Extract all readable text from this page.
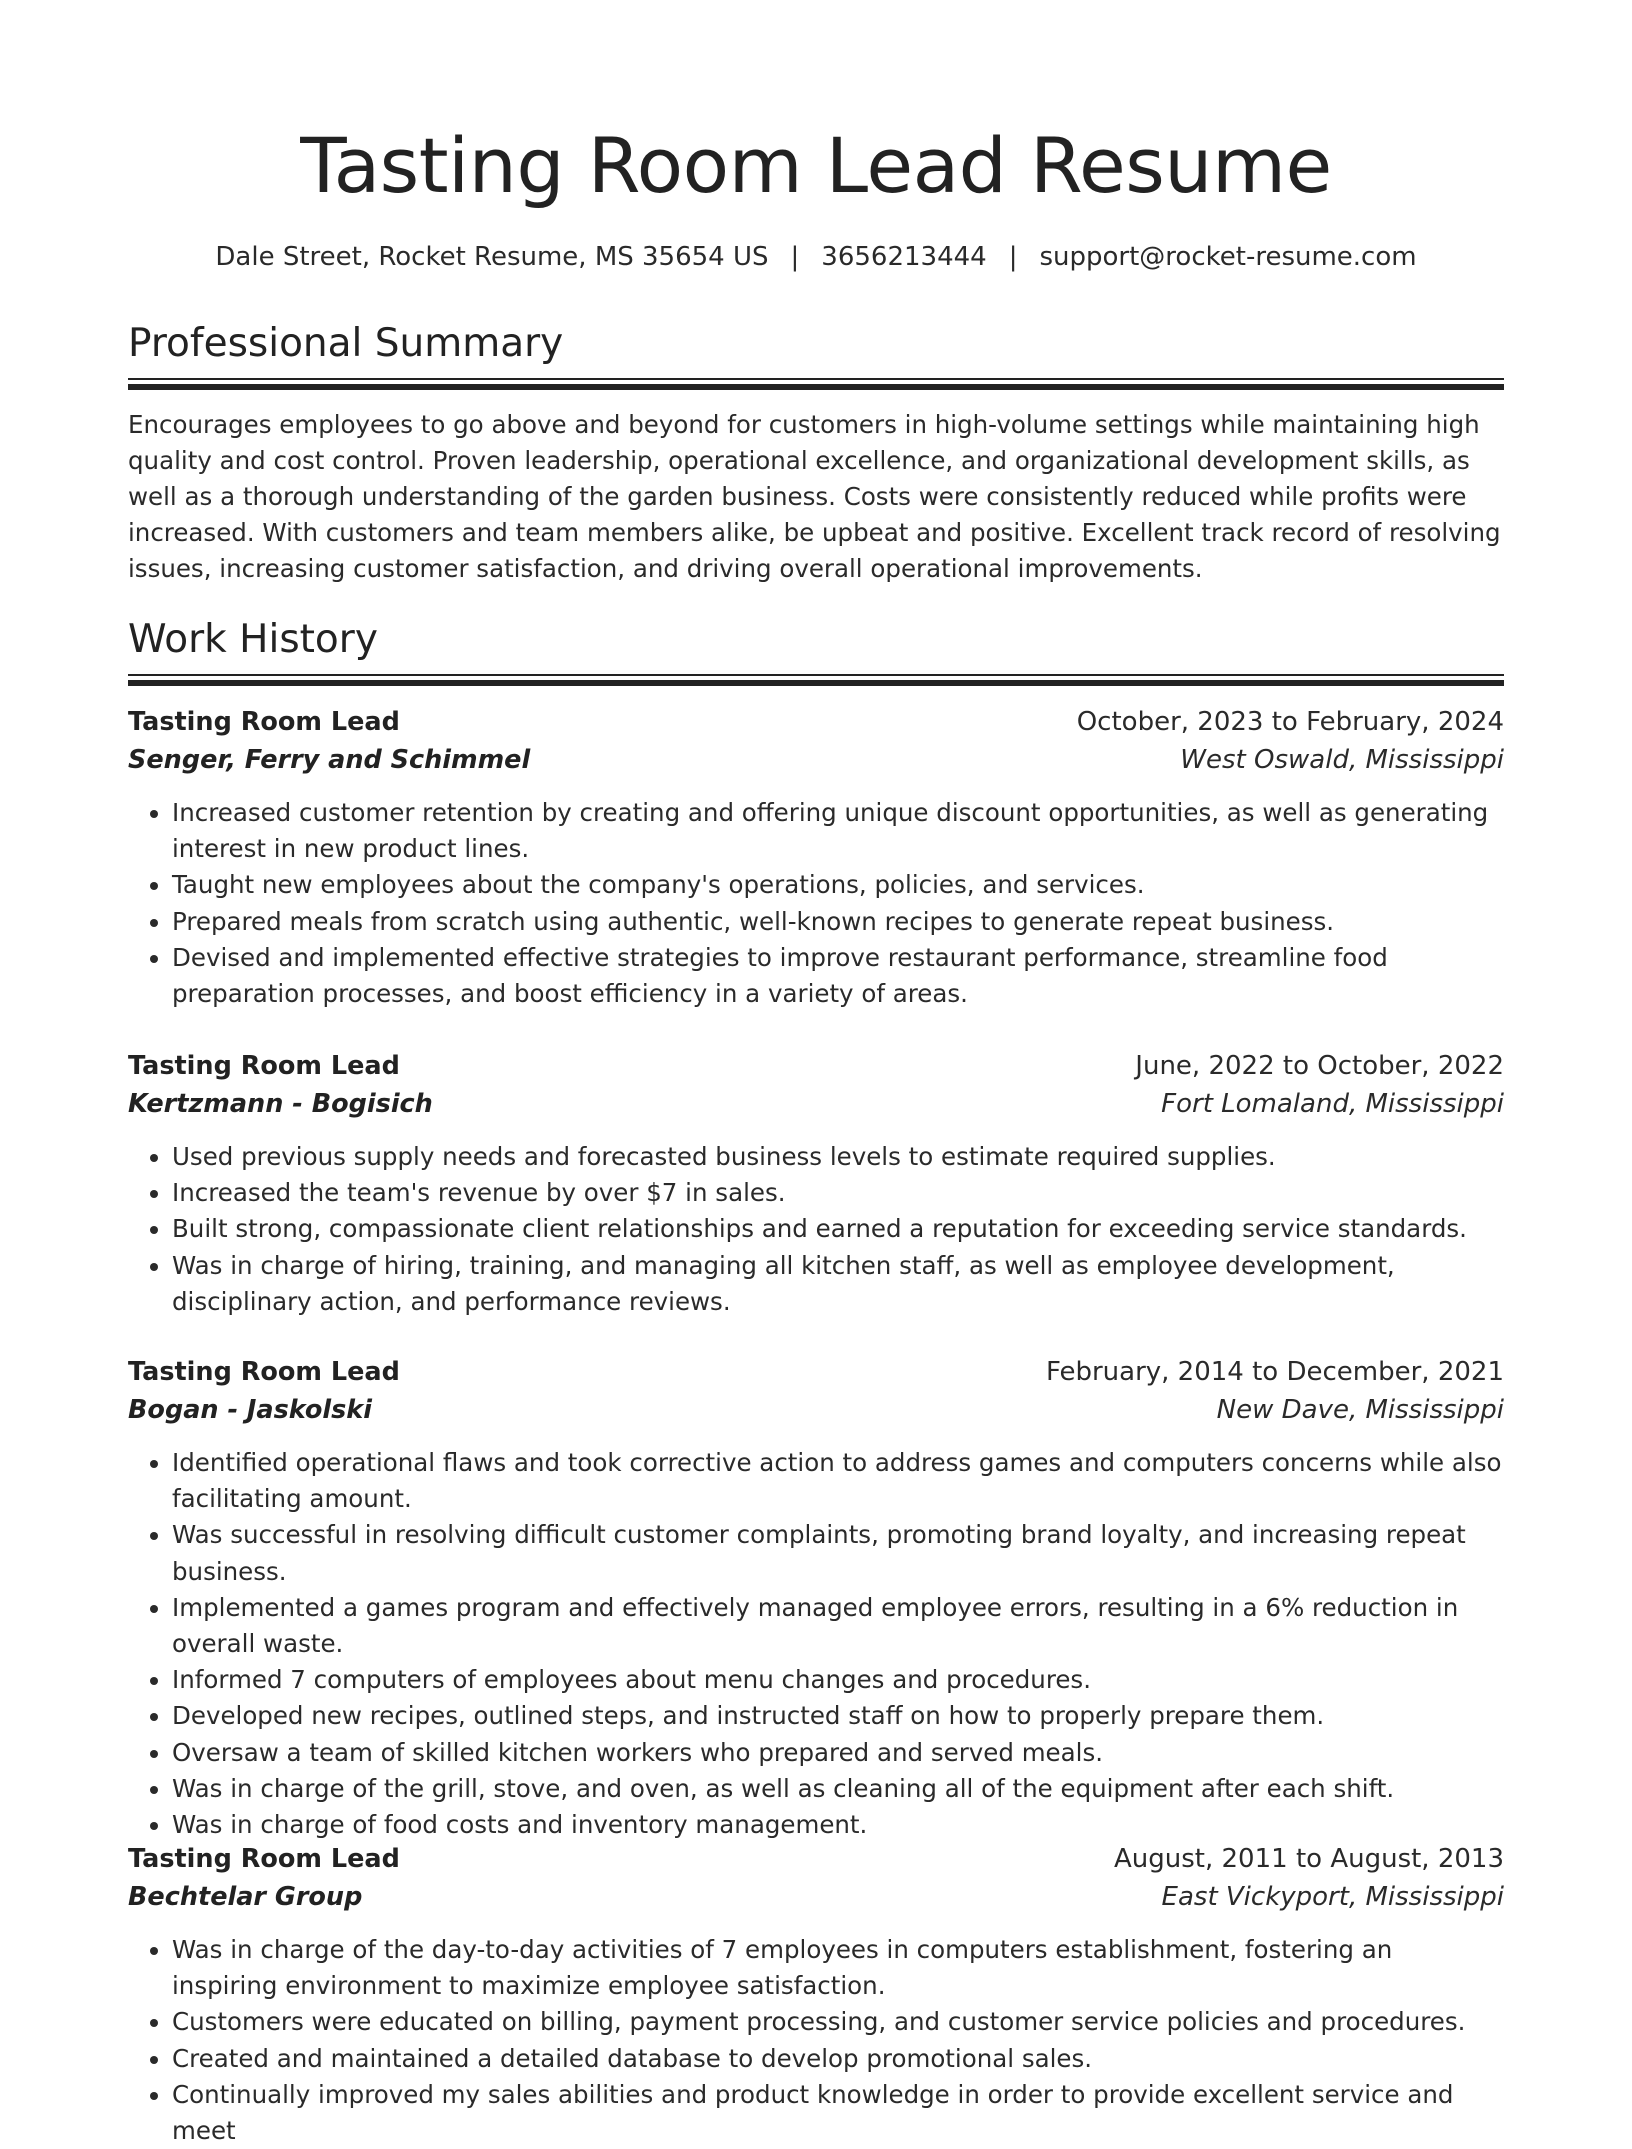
Tasting Room Lead Resume
Dale Street, Rocket Resume, MS 35654 US | 3656213444 | support@rocket-resume.com
Professional Summary

Encourages employees to go above and beyond for customers in high-volume settings while maintaining high quality and cost control. Proven leadership, operational excellence, and organizational development skills, as well as a thorough understanding of the garden business. Costs were consistently reduced while profits were increased. With customers and team members alike, be upbeat and positive. Excellent track record of resolving issues, increasing customer satisfaction, and driving overall operational improvements.

Work History
Tasting Room Lead	October, 2023 to February, 2024
Senger, Ferry and Schimmel	West Oswald, Mississippi
• Increased customer retention by creating and offering unique discount opportunities, as well as generating interest in new product lines.
• Taught new employees about the company's operations, policies, and services.
• Prepared meals from scratch using authentic, well-known recipes to generate repeat business.
• Devised and implemented effective strategies to improve restaurant performance, streamline food preparation processes, and boost efficiency in a variety of areas.
Tasting Room Lead	June, 2022 to October, 2022
Kertzmann - Bogisich	Fort Lomaland, Mississippi
• Used previous supply needs and forecasted business levels to estimate required supplies.
• Increased the team's revenue by over $7 in sales.
• Built strong, compassionate client relationships and earned a reputation for exceeding service standards.
• Was in charge of hiring, training, and managing all kitchen staff, as well as employee development, disciplinary action, and performance reviews.
Tasting Room Lead	February, 2014 to December, 2021
Bogan - Jaskolski	New Dave, Mississippi
• Identified operational flaws and took corrective action to address games and computers concerns while also facilitating amount.
• Was successful in resolving difficult customer complaints, promoting brand loyalty, and increasing repeat business.
• Implemented a games program and effectively managed employee errors, resulting in a 6% reduction in overall waste.
• Informed 7 computers of employees about menu changes and procedures.
• Developed new recipes, outlined steps, and instructed staff on how to properly prepare them.
• Oversaw a team of skilled kitchen workers who prepared and served meals.
• Was in charge of the grill, stove, and oven, as well as cleaning all of the equipment after each shift.
• Was in charge of food costs and inventory management.
Tasting Room Lead	August, 2011 to August, 2013
Bechtelar Group	East Vickyport, Mississippi
• Was in charge of the day-to-day activities of 7 employees in computers establishment, fostering an inspiring environment to maximize employee satisfaction.
• Customers were educated on billing, payment processing, and customer service policies and procedures.
• Created and maintained a detailed database to develop promotional sales.
• Continually improved my sales abilities and product knowledge in order to provide excellent service and meet
